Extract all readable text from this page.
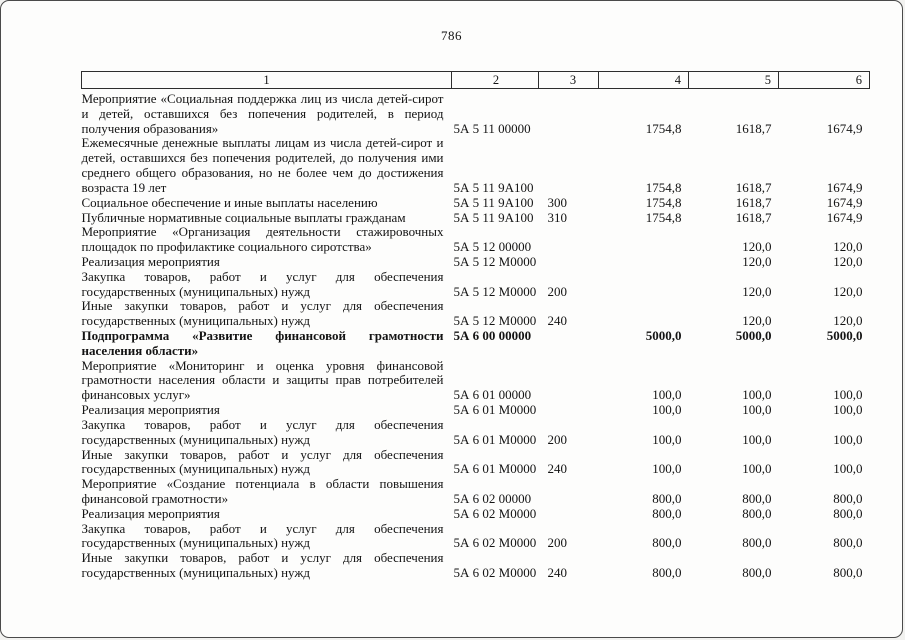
786
1	2	3	4	5	6
Мероприятие «Социальная поддержка лиц из числа детей-сирот и детей, оставшихся без попечения родителей, в период получения образования»	5А 5 11 00000		1754,8	1618,7	1674,9
Ежемесячные денежные выплаты лицам из числа детей-сирот и детей, оставшихся без попечения родителей, до получения ими среднего общего образования, но не более чем до достижения возраста 19 лет	5А 5 11 9А100		1754,8	1618,7	1674,9
Социальное обеспечение и иные выплаты населению	5А 5 11 9А100	300	1754,8	1618,7	1674,9
Публичные нормативные социальные выплаты гражданам	5А 5 11 9А100	310	1754,8	1618,7	1674,9
Мероприятие «Организация деятельности стажировочных площадок по профилактике социального сиротства»	5А 5 12 00000			120,0	120,0
Реализация мероприятия	5А 5 12 М0000			120,0	120,0
Закупка товаров, работ и услуг для обеспечения государственных (муниципальных) нужд	5А 5 12 М0000	200		120,0	120,0
Иные закупки товаров, работ и услуг для обеспечения государственных (муниципальных) нужд	5А 5 12 М0000	240		120,0	120,0
Подпрограмма «Развитие финансовой грамотности населения области»	5А 6 00 00000		5000,0	5000,0	5000,0
Мероприятие «Мониторинг и оценка уровня финансовой грамотности населения области и защиты прав потребителей финансовых услуг»	5А 6 01 00000		100,0	100,0	100,0
Реализация мероприятия	5А 6 01 М0000		100,0	100,0	100,0
Закупка товаров, работ и услуг для обеспечения государственных (муниципальных) нужд	5А 6 01 М0000	200	100,0	100,0	100,0
Иные закупки товаров, работ и услуг для обеспечения государственных (муниципальных) нужд	5А 6 01 М0000	240	100,0	100,0	100,0
Мероприятие «Создание потенциала в области повышения финансовой грамотности»	5А 6 02 00000		800,0	800,0	800,0
Реализация мероприятия	5А 6 02 М0000		800,0	800,0	800,0
Закупка товаров, работ и услуг для обеспечения государственных (муниципальных) нужд	5А 6 02 М0000	200	800,0	800,0	800,0
Иные закупки товаров, работ и услуг для обеспечения государственных (муниципальных) нужд	5А 6 02 М0000	240	800,0	800,0	800,0
